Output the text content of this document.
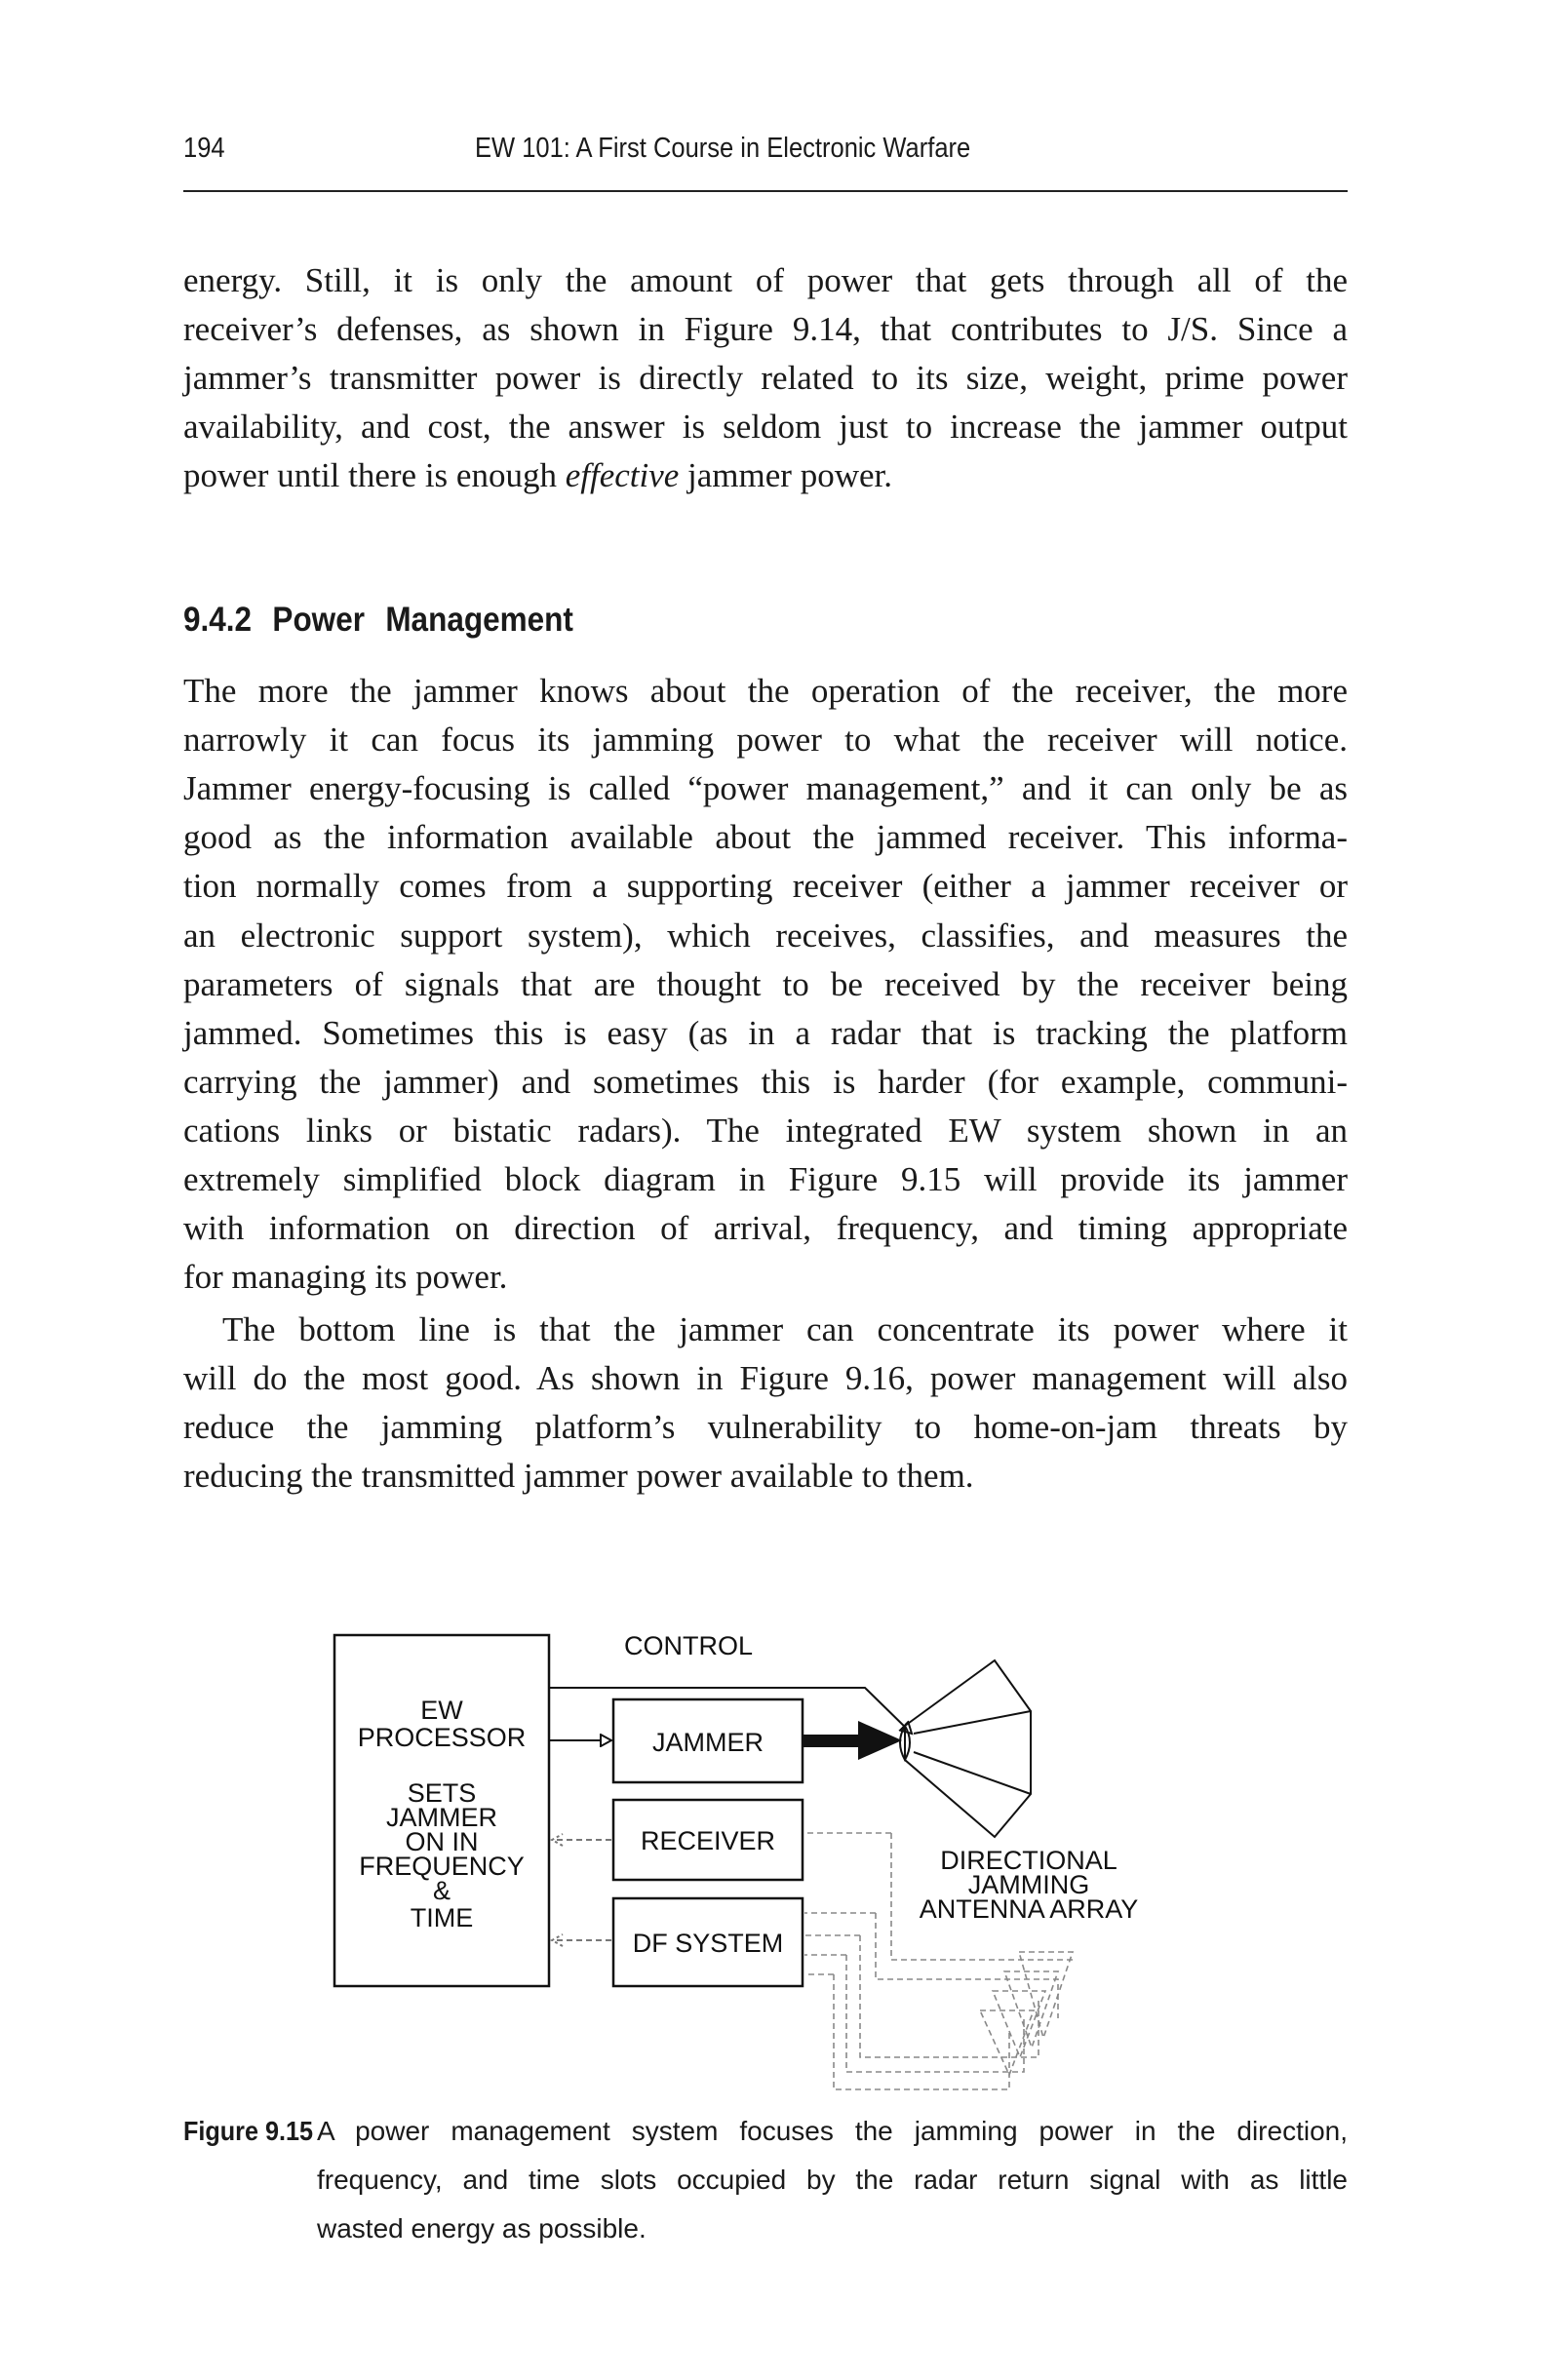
194	EW 101: A First Course in Electronic Warfare
energy. Still, it is only the amount of power that gets through all of the
receiver’s defenses, as shown in Figure 9.14, that contributes to J/S. Since a
jammer’s transmitter power is directly related to its size, weight, prime power
availability, and cost, the answer is seldom just to increase the jammer output
power until there is enough effective jammer power.
9.4.2 Power Management
The more the jammer knows about the operation of the receiver, the more
narrowly it can focus its jamming power to what the receiver will notice.
Jammer energy-focusing is called “power management,” and it can only be as
good as the information available about the jammed receiver. This informa-
tion normally comes from a supporting receiver (either a jammer receiver or
an electronic support system), which receives, classifies, and measures the
parameters of signals that are thought to be received by the receiver being
jammed. Sometimes this is easy (as in a radar that is tracking the platform
carrying the jammer) and sometimes this is harder (for example, communi-
cations links or bistatic radars). The integrated EW system shown in an
extremely simplified block diagram in Figure 9.15 will provide its jammer
with information on direction of arrival, frequency, and timing appropriate
for managing its power.
The bottom line is that the jammer can concentrate its power where it
will do the most good. As shown in Figure 9.16, power management will also
reduce the jamming platform’s vulnerability to home-on-jam threats by
reducing the transmitted jammer power available to them.
EW
PROCESSOR
SETS
JAMMER
ON IN
FREQUENCY
&
TIME
CONTROL
JAMMER
RECEIVER
DF SYSTEM
DIRECTIONAL
JAMMING
ANTENNA ARRAY
Figure 9.15 A power management system focuses the jamming power in the direction,
frequency, and time slots occupied by the radar return signal with as little
wasted energy as possible.
